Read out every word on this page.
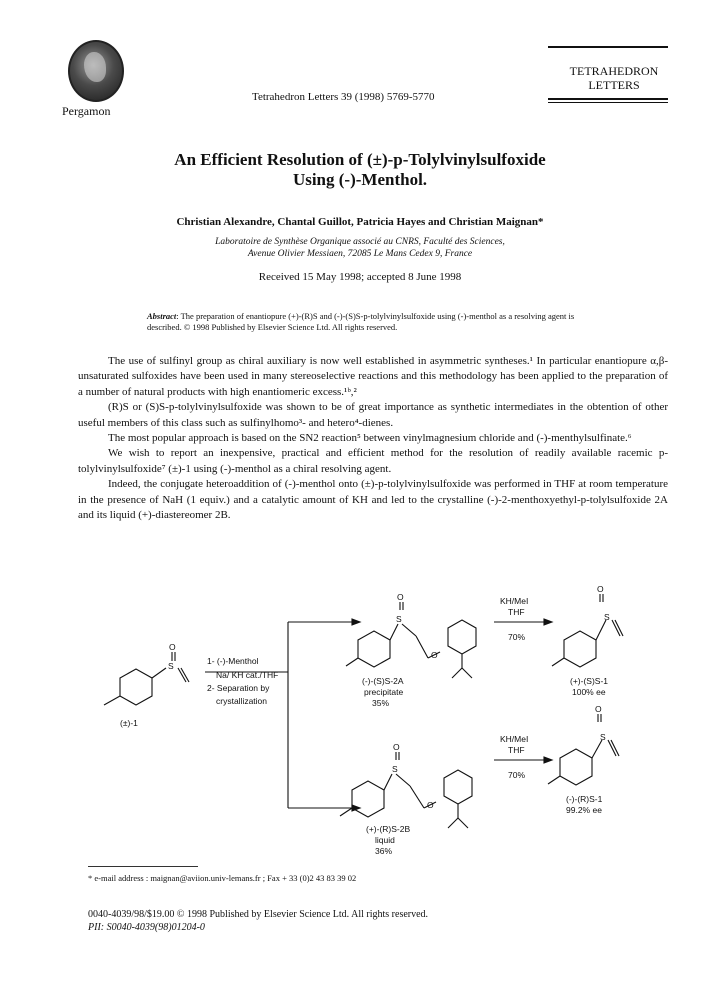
Pergamon
Tetrahedron Letters 39 (1998) 5769-5770
TETRAHEDRON
LETTERS
An Efficient Resolution of (±)-p-Tolylvinylsulfoxide
Using (-)-Menthol.
Christian Alexandre, Chantal Guillot, Patricia Hayes and Christian Maignan*
Laboratoire de Synthèse Organique associé au CNRS, Faculté des Sciences,
Avenue Olivier Messiaen, 72085 Le Mans Cedex 9, France
Received 15 May 1998; accepted 8 June 1998
Abstract: The preparation of enantiopure (+)-(R)S and (-)-(S)S-p-tolylvinylsulfoxide using (-)-menthol as a resolving agent is described. © 1998 Published by Elsevier Science Ltd. All rights reserved.

The use of sulfinyl group as chiral auxiliary is now well established in asymmetric syntheses.¹ In particular enantiopure α,β-unsaturated sulfoxides have been used in many stereoselective reactions and this methodology has been applied to the preparation of a number of natural products with high enantiomeric excess.¹ᵇ,²

(R)S or (S)S-p-tolylvinylsulfoxide was shown to be of great importance as synthetic intermediates in the obtention of other useful members of this class such as sulfinylhomo³- and hetero⁴-dienes.

The most popular approach is based on the SN2 reaction⁵ between vinylmagnesium chloride and (-)-menthylsulfinate.⁶

We wish to report an inexpensive, practical and efficient method for the resolution of readily available racemic p-tolylvinylsulfoxide⁷ (±)-1 using (-)-menthol as a chiral resolving agent.

Indeed, the conjugate heteroaddition of (-)-menthol onto (±)-p-tolylvinylsulfoxide was performed in THF at room temperature in the presence of NaH (1 equiv.) and a catalytic amount of KH and led to the crystalline (-)-2-menthoxyethyl-p-tolylsulfoxide 2A and its liquid (+)-diastereomer 2B.

O
S
O
S
O
O
S
O
O
S
O
S
(±)-1
1- (-)-Menthol
Na/ KH cat./THF
2- Separation by
crystallization
(-)-(S)S-2A
precipitate
35%
(+)-(R)S-2B
liquid
36%
KH/MeI
THF
70%
KH/MeI
THF
70%
(+)-(S)S-1
100% ee
(-)-(R)S-1
99.2% ee
* e-mail address : maignan@aviion.univ-lemans.fr ; Fax + 33 (0)2 43 83 39 02
0040-4039/98/$19.00 © 1998 Published by Elsevier Science Ltd. All rights reserved.
PII: S0040-4039(98)01204-0
